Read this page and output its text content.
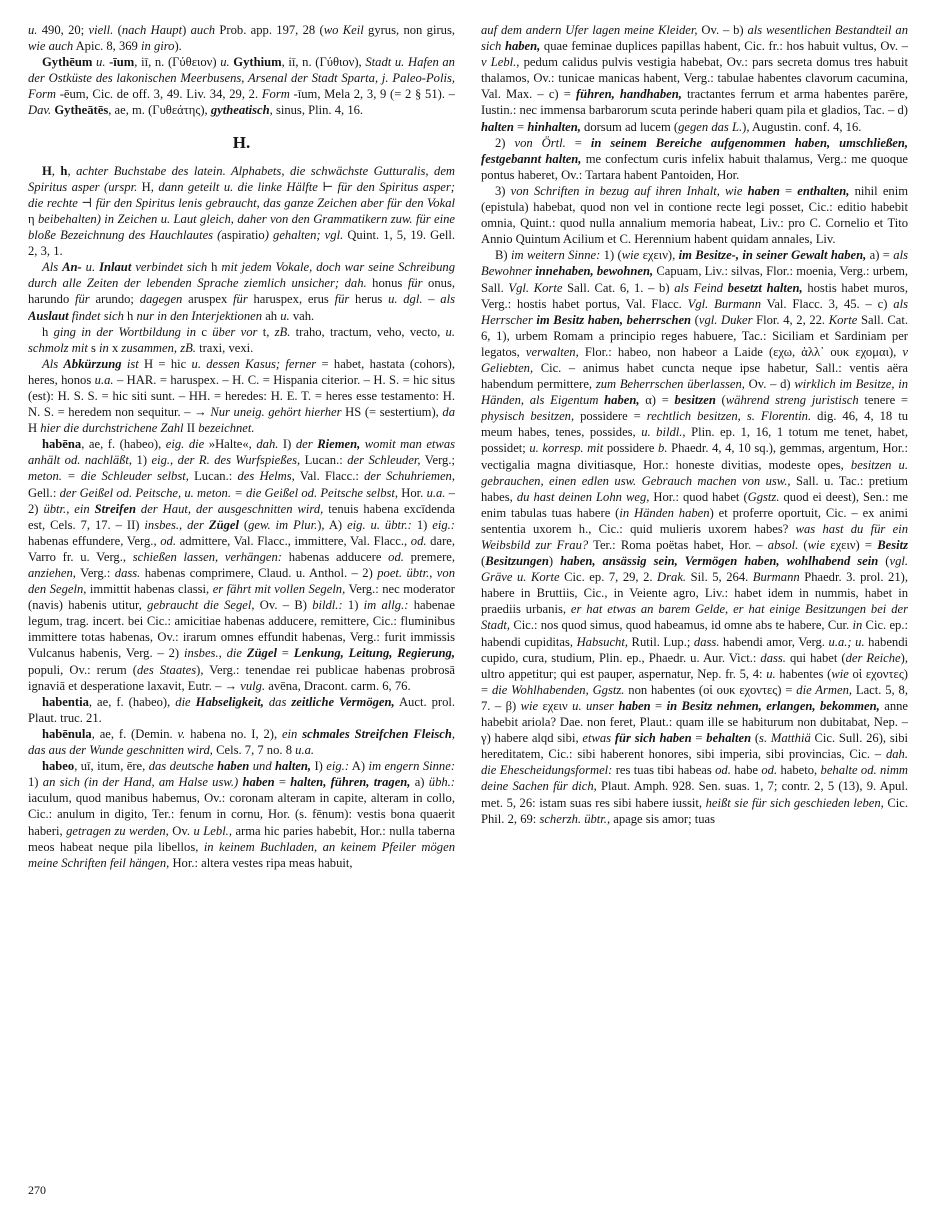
u. 490, 20; viell. (nach Haupt) auch Prob. app. 197, 28 (wo Keil gyrus, non girus, wie auch Apic. 8, 369 in giro).

Gythēum u. -īum, iī, n. (Γύθειον) u. Gythium, iī, n. (Γύθιον), Stadt u. Hafen an der Ostküste des lakonischen Meerbusens, Arsenal der Stadt Sparta, j. Paleo-Polis, Form -ēum, Cic. de off. 3, 49. Liv. 34, 29, 2. Form -īum, Mela 2, 3, 9 (= 2 § 51). – Dav. Gytheātēs, ae, m. (Γυθεάτης), gytheatisch, sinus, Plin. 4, 16.

H.

H, h, achter Buchstabe des latein. Alphabets, die schwächste Gutturalis, dem Spiritus asper (urspr. H, dann geteilt u. die linke Hälfte ⊢ für den Spiritus asper; die rechte ⊣ für den Spiritus lenis gebraucht, das ganze Zeichen aber für den Vokal η beibehalten) in Zeichen u. Laut gleich, daher von den Grammatikern zuw. für eine bloße Bezeichnung des Hauchlautes (aspiratio) gehalten; vgl. Quint. 1, 5, 19. Gell. 2, 3, 1.

Als An- u. Inlaut verbindet sich h mit jedem Vokale, doch war seine Schreibung durch alle Zeiten der lebenden Sprache ziemlich unsicher; dah. honus für onus, harundo für arundo; dagegen aruspex für haruspex, erus für herus u. dgl. – als Auslaut findet sich h nur in den Interjektionen ah u. vah.

h ging in der Wortbildung in c über vor t, zB. traho, tractum, veho, vecto, u. schmolz mit s in x zusammen, zB. traxi, vexi.

Als Abkürzung ist H = hic u. dessen Kasus; ferner = habet, hastata (cohors), heres, honos u.a. – HAR. = haruspex. – H. C. = Hispania citerior. – H. S. = hic situs (est): H. S. S. = hic siti sunt. – HH. = heredes: H. E. T. = heres esse testamento: H. N. S. = heredem non sequitur. – → Nur uneig. gehört hierher HS (= sestertium), da H hier die durchstrichene Zahl II bezeichnet.

habēna, ae, f. (habeo), eig. die »Halte«, dah. I) der Riemen, womit man etwas anhält od. nachläßt, 1) eig., der R. des Wurfspießes, Lucan.: der Schleuder, Verg.; meton. = die Schleuder selbst, Lucan.: des Helms, Val. Flacc.: der Schuhriemen, Gell.: der Geißel od. Peitsche, u. meton. = die Geißel od. Peitsche selbst, Hor. u.a. – 2) übtr., ein Streifen der Haut, der ausgeschnitten wird, tenuis habena excīdenda est, Cels. 7, 17. – II) insbes., der Zügel (gew. im Plur.), A) eig. u. übtr.: 1) eig.: habenas effundere, Verg., od. admittere, Val. Flacc., immittere, Val. Flacc., od. dare, Varro fr. u. Verg., schießen lassen, verhängen: habenas adducere od. premere, anziehen, Verg.: dass. habenas comprimere, Claud. u. Anthol. – 2) poet. übtr., von den Segeln, immittit habenas classi, er fährt mit vollen Segeln, Verg.: nec moderator (navis) habenis utitur, gebraucht die Segel, Ov. – B) bildl.: 1) im allg.: habenae legum, trag. incert. bei Cic.: amicitiae habenas adducere, remittere, Cic.: fluminibus immittere totas habenas, Ov.: irarum omnes effundit habenas, Verg.: furit immissis Vulcanus habenis, Verg. – 2) insbes., die Zügel = Lenkung, Leitung, Regierung, populi, Ov.: rerum (des Staates), Verg.: tenendae rei publicae habenas probrosā ignaviā et desperatione laxavit, Eutr. – → vulg. avēna, Dracont. carm. 6, 76.

habentia, ae, f. (habeo), die Habseligkeit, das zeitliche Vermögen, Auct. prol. Plaut. truc. 21.

habēnula, ae, f. (Demin. v. habena no. I, 2), ein schmales Streifchen Fleisch, das aus der Wunde geschnitten wird, Cels. 7, 7 no. 8 u.a.

habeo, uī, itum, ēre, das deutsche haben und halten, I) eig.: A) im engern Sinne: 1) an sich (in der Hand, am Halse usw.) haben = halten, führen, tragen, a) übh.: iaculum, quod manibus habemus, Ov.: coronam alteram in capite, alteram in collo, Cic.: anulum in digito, Ter.: fenum in cornu, Hor. (s. fēnum): vestis bona quaerit haberi, getragen zu werden, Ov. u Lebl., arma hic paries habebit, Hor.: nulla taberna meos habeat neque pila libellos, in keinem Buchladen, an keinem Pfeiler mögen meine Schriften feil hängen, Hor.: altera vestes ripa meas habuit,

auf dem andern Ufer lagen meine Kleider, Ov. – b) als wesentlichen Bestandteil an sich haben, quae feminae duplices papillas habent, Cic. fr.: hos habuit vultus, Ov. – v Lebl., pedum calidus pulvis vestigia habebat, Ov.: pars secreta domus tres habuit thalamos, Ov.: tunicae manicas habent, Verg.: tabulae habentes clavorum cacumina, Val. Max. – c) = führen, handhaben, tractantes ferrum et arma habentes parēre, Iustin.: nec immensa barbarorum scuta perinde haberi quam pila et gladios, Tac. – d) halten = hinhalten, dorsum ad lucem (gegen das L.), Augustin. conf. 4, 16.

2) von Örtl. = in seinem Bereiche aufgenommen haben, umschließen, festgebannt halten, me confectum curis infelix habuit thalamus, Verg.: me quoque pontus haberet, Ov.: Tartara habent Pantoiden, Hor.

3) von Schriften in bezug auf ihren Inhalt, wie haben = enthalten, nihil enim (epistula) habebat, quod non vel in contione recte legi posset, Cic.: editio habebit omnia, Quint.: quod nulla annalium memoria habeat, Liv.: pro C. Cornelio et Tito Annio Quintum Acilium et C. Herennium habent quidam annales, Liv.

B) im weitern Sinne: 1) (wie εχειν), im Besitze-, in seiner Gewalt haben, a) = als Bewohner innehaben, bewohnen, Capuam, Liv.: silvas, Flor.: moenia, Verg.: urbem, Sall. Vgl. Korte Sall. Cat. 6, 1. – b) als Feind besetzt halten, hostis habet muros, Verg.: hostis habet portus, Val. Flacc. Vgl. Burmann Val. Flacc. 3, 45. – c) als Herrscher im Besitz haben, beherrschen (vgl. Duker Flor. 4, 2, 22. Korte Sall. Cat. 6, 1), urbem Romam a principio reges habuere, Tac.: Siciliam et Sardiniam per legatos, verwalten, Flor.: habeo, non habeor a Laide (εχω, ἀλλ᾽ ουκ εχομαι), v Geliebten, Cic. – animus habet cuncta neque ipse habetur, Sall.: ventis aëra habendum permittere, zum Beherrschen überlassen, Ov. – d) wirklich im Besitze, in Händen, als Eigentum haben, α) = besitzen (während streng juristisch tenere = physisch besitzen, possidere = rechtlich besitzen, s. Florentin. dig. 46, 4, 18 tu meum habes, tenes, possides, u. bildl., Plin. ep. 1, 16, 1 totum me tenet, habet, possidet; u. korresp. mit possidere b. Phaedr. 4, 4, 10 sq.), gemmas, argentum, Hor.: vectigalia magna divitiasque, Hor.: honeste divitias, modeste opes, besitzen u. gebrauchen, einen edlen usw. Gebrauch machen von usw., Sall. u. Tac.: pretium habes, du hast deinen Lohn weg, Hor.: quod habet (Ggstz. quod ei deest), Sen.: me enim tabulas tuas habere (in Händen haben) et proferre oportuit, Cic. – ex animi sententia uxorem h., Cic.: quid mulieris uxorem habes? was hast du für ein Weibsbild zur Frau? Ter.: Roma poëtas habet, Hor. – absol. (wie εχειν) = Besitz (Besitzungen) haben, ansässig sein, Vermögen haben, wohlhabend sein (vgl. Gräve u. Korte Cic. ep. 7, 29, 2. Drak. Sil. 5, 264. Burmann Phaedr. 3. prol. 21), habere in Bruttiis, Cic., in Veiente agro, Liv.: habet idem in nummis, habet in praediis urbanis, er hat etwas an barem Gelde, er hat einige Besitzungen bei der Stadt, Cic.: nos quod simus, quod habeamus, id omne abs te habere, Cur. in Cic. ep.: habendi cupiditas, Habsucht, Rutil. Lup.; dass. habendi amor, Verg. u.a.; u. habendi cupido, cura, studium, Plin. ep., Phaedr. u. Aur. Vict.: dass. qui habet (der Reiche), ultro appetitur; qui est pauper, aspernatur, Nep. fr. 5, 4: u. habentes (wie οἱ εχοντες) = die Wohlhabenden, Ggstz. non habentes (οἱ ουκ εχοντες) = die Armen, Lact. 5, 8, 7. – β) wie εχειν u. unser haben = in Besitz nehmen, erlangen, bekommen, anne habebit ariola? Dae. non feret, Plaut.: quam ille se habiturum non dubitabat, Nep. – γ) habere alqd sibi, etwas für sich haben = behalten (s. Matthiä Cic. Sull. 26), sibi hereditatem, Cic.: sibi haberent honores, sibi imperia, sibi provincias, Cic. – dah. die Ehescheidungsformel: res tuas tibi habeas od. habe od. habeto, behalte od. nimm deine Sachen für dich, Plaut. Amph. 928. Sen. suas. 1, 7; contr. 2, 5 (13), 9. Apul. met. 5, 26: istam suas res sibi habere iussit, heißt sie für sich geschieden leben, Cic. Phil. 2, 69: scherzh. übtr., apage sis amor; tuas

270
